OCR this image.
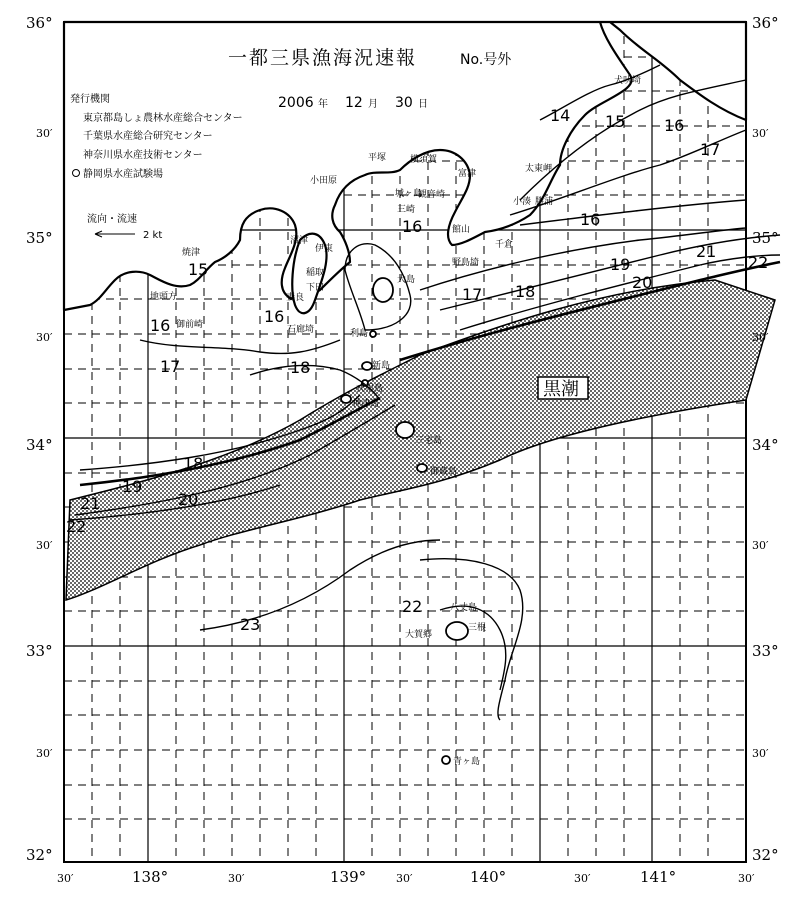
一都三県漁海況速報	No.号外
2006 年 12 月 30 日
発行機関
東京都島しょ農林水産総合センター
千葉県水産総合研究センター
神奈川県水産技術センター
静岡県水産試験場
流向・流速
2 kt
黒潮
36°	36°
30′	30′
35°	35°
30′	30′
34°	34°
30′	30′
33°	33°
30′	30′
32°	32°
30′	138°	30′	139°	30′	140°	30′	141°	30′
14 15 16
16
17
15
16	16
16
17 18
19
20
21
22
17	18
18
19
20
21
22
22
23
犬吠埼
太東岬
勝浦
小湊
富津
横須賀
観音崎
平塚
小田原
城ヶ島
三崎
館山
千倉
野島埼
沼津
伊東
稲取
下田
妻良
石廊埼
焼津
地頭方
御前崎
大島
利島
新島
式根島
神津島
三宅島
御蔵島
八丈島
三根
大賀郷
青ヶ島
